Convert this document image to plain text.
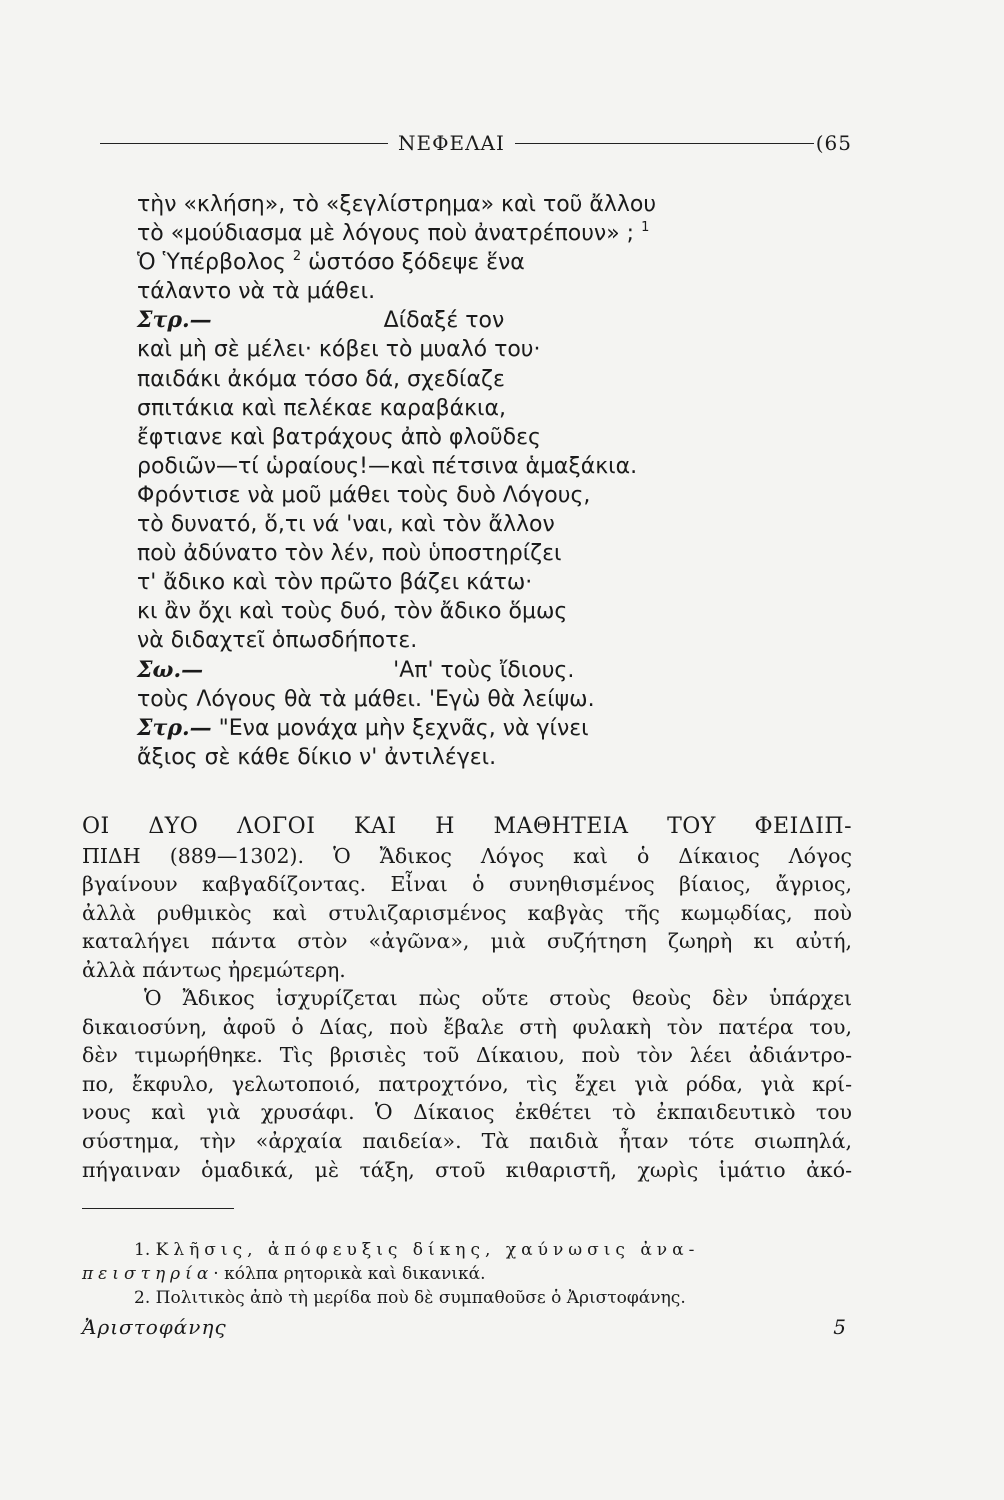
ΝΕΦΕΛΑΙ	(65
τὴν «κλήση», τὸ «ξεγλίστρημα» καὶ τοῦ ἄλλου
τὸ «μούδιασμα μὲ λόγους ποὺ ἀνατρέπουν» ; $^1$
Ὁ Ὑπέρβολος $^2$ ὡστόσο ξόδεψε ἕνα
τάλαντο νὰ τὰ μάθει.
Στρ.—	Δίδαξέ τον
καὶ μὴ σὲ μέλει· κόβει τὸ μυαλό του·
παιδάκι ἀκόμα τόσο δά, σχεδίαζε
σπιτάκια καὶ πελέκαε καραβάκια,
ἔφτιανε καὶ βατράχους ἀπὸ φλοῦδες
ροδιῶν—τί ὡραίους!—καὶ πέτσινα ἁμαξάκια.
Φρόντισε νὰ μοῦ μάθει τοὺς δυὸ Λόγους,
τὸ δυνατό, ὅ,τι νά 'ναι, καὶ τὸν ἄλλον
ποὺ ἀδύνατο τὸν λέν, ποὺ ὑποστηρίζει
τ' ἄδικο καὶ τὸν πρῶτο βάζει κάτω·
κι ἂν ὄχι καὶ τοὺς δυό, τὸν ἄδικο ὅμως
νὰ διδαχτεῖ ὁπωσδήποτε.
Σω.—	'Απ' τοὺς ἴδιους.
τοὺς Λόγους θὰ τὰ μάθει. 'Εγὼ θὰ λείψω.
Στρ.— "Ενα μονάχα μὴν ξεχνᾶς, νὰ γίνει
ἄξιος σὲ κάθε δίκιο ν' ἀντιλέγει.
ΟΙ ΔΥΟ ΛΟΓΟΙ ΚΑΙ Η ΜΑΘΗΤΕΙΑ ΤΟΥ ΦΕΙΔΙΠ-
ΠΙΔΗ (889—1302). Ὁ Ἄδικος Λόγος καὶ ὁ Δίκαιος Λόγος
βγαίνουν καβγαδίζοντας. Εἶναι ὁ συνηθισμένος βίαιος, ἄγριος,
ἀλλὰ ρυθμικὸς καὶ στυλιζαρισμένος καβγὰς τῆς κωμῳδίας, ποὺ
καταλήγει πάντα στὸν «ἀγῶνα», μιὰ συζήτηση ζωηρὴ κι αὐτή,
ἀλλὰ πάντως ἠρεμώτερη.
Ὁ Ἄδικος ἰσχυρίζεται πὼς οὔτε στοὺς θεοὺς δὲν ὑπάρχει
δικαιοσύνη, ἀφοῦ ὁ Δίας, ποὺ ἔβαλε στὴ φυλακὴ τὸν πατέρα του,
δὲν τιμωρήθηκε. Τὶς βρισιὲς τοῦ Δίκαιου, ποὺ τὸν λέει ἀδιάντρο-
πο, ἔκφυλο, γελωτοποιό, πατροχτόνο, τὶς ἔχει γιὰ ρόδα, γιὰ κρί-
νους καὶ γιὰ χρυσάφι. Ὁ Δίκαιος ἐκθέτει τὸ ἐκπαιδευτικὸ του
σύστημα, τὴν «ἀρχαία παιδεία». Τὰ παιδιὰ ἦταν τότε σιωπηλά,
πήγαιναν ὁμαδικά, μὲ τάξη, στοῦ κιθαριστῆ, χωρὶς ἱμάτιο ἀκό-
1. Κλῆσις, ἀπόφευξις δίκης, χαύνωσις ἀνα-
πειστηρία· κόλπα ρητορικὰ καὶ δικανικά.
2. Πολιτικὸς ἀπὸ τὴ μερίδα ποὺ δὲ συμπαθοῦσε ὁ Ἀριστοφάνης.
Ἀριστοφάνης	5
